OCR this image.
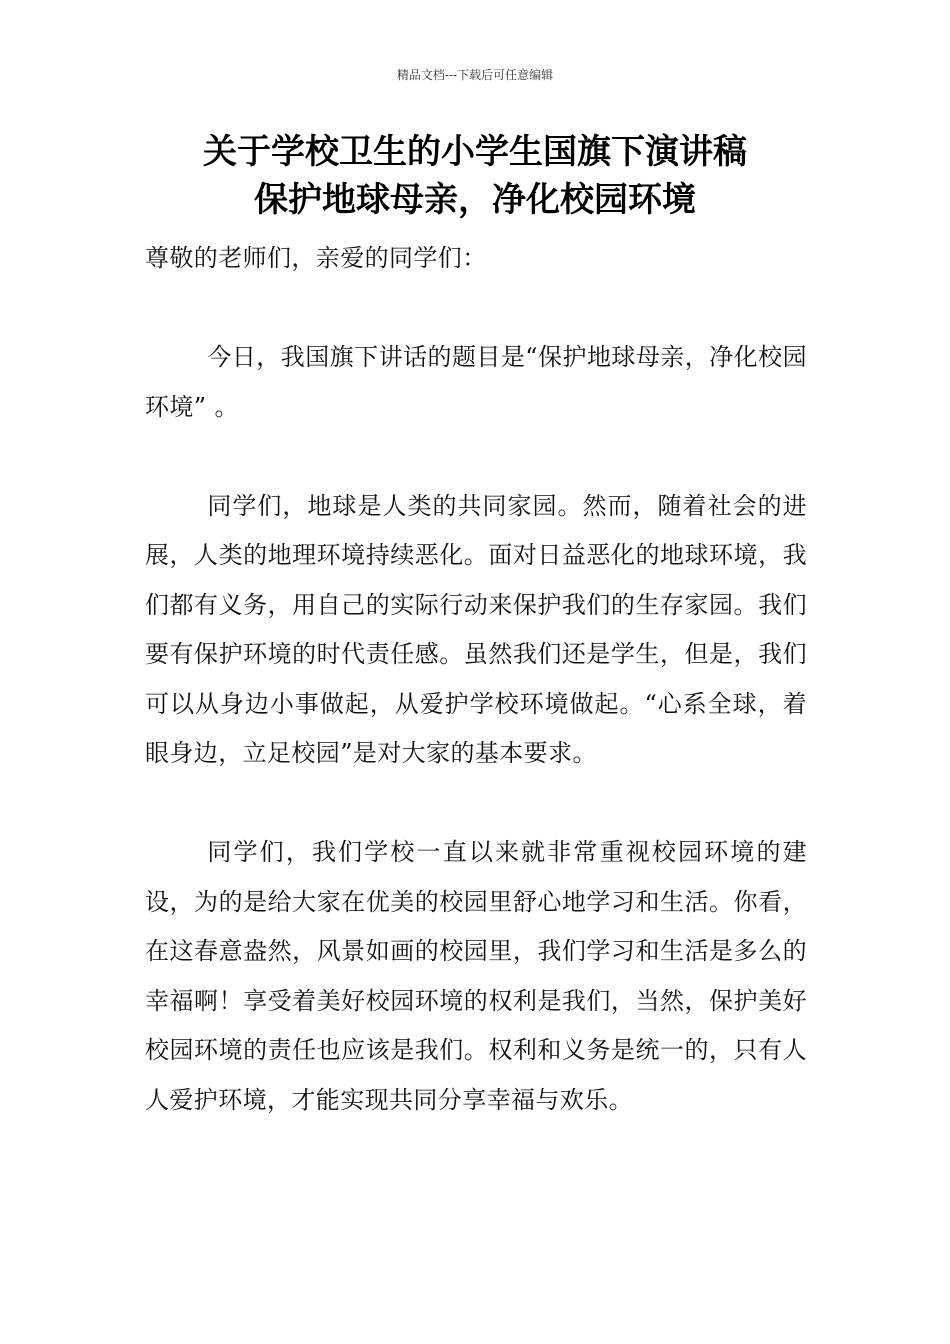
精品文档---下载后可任意编辑
关于学校卫生的小学生国旗下演讲稿
保护地球母亲，净化校园环境

尊敬的老师们，亲爱的同学们：

今日，我国旗下讲话的题目是“保护地球母亲，净化校园环境” 。

同学们，地球是人类的共同家园。然而，随着社会的进展，人类的地理环境持续恶化。面对日益恶化的地球环境，我们都有义务，用自己的实际行动来保护我们的生存家园。我们要有保护环境的时代责任感。虽然我们还是学生，但是，我们可以从身边小事做起，从爱护学校环境做起。“心系全球，着眼身边，立足校园”是对大家的基本要求。

同学们，我们学校一直以来就非常重视校园环境的建设，为的是给大家在优美的校园里舒心地学习和生活。你看，在这春意盎然，风景如画的校园里，我们学习和生活是多么的幸福啊！享受着美好校园环境的权利是我们，当然，保护美好校园环境的责任也应该是我们。权利和义务是统一的，只有人人爱护环境，才能实现共同分享幸福与欢乐。
